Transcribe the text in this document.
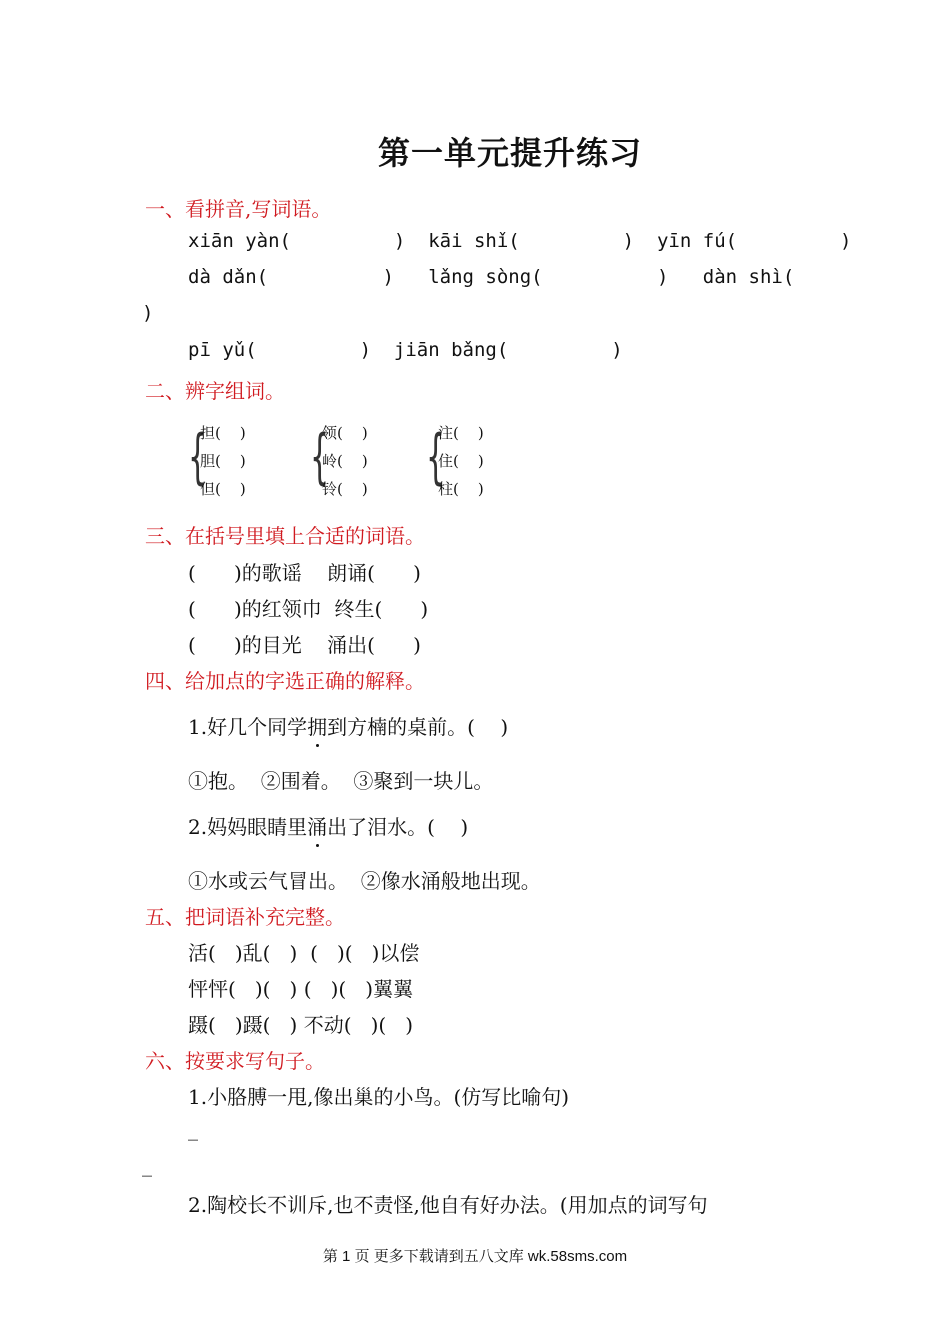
第一单元提升练习
一、看拼音,写词语。
xiān yàn(         )  kāi shǐ(         )  yīn fú(         )
dà dǎn(          )   lǎng sòng(          )   dàn shì(
)
pī yǔ(         )  jiān bǎng(         )
二、辨字组词。
{
担(    )
胆(    )
但(    ) {
领(    )
岭(    )
铃(    ) {
注(    )
住(    )
柱(    )
三、在括号里填上合适的词语。
(      )的歌谣    朗诵(      )
(      )的红领巾  终生(      )
(      )的目光    涌出(      )
四、给加点的字选正确的解释。
1.好几个同学拥
到方楠的桌前。(    )
①抱。  ②围着。  ③聚到一块儿。
2.妈妈眼睛里涌
出了泪水。(    )
①水或云气冒出。  ②像水涌般地出现。
五、把词语补充完整。
活(   )乱(   )  (   )(   )以偿
怦怦(   )(   ) (   )(   )翼翼
蹑(   )蹑(   ) 不动(   )(   )
六、按要求写句子。
1.小胳膊一甩,像出巢的小鸟。(仿写比喻句)
_
_
2.陶校长不训斥,也不责怪,他自有好办法。(用加点的词写句
第 1 页 更多下载请到五八文库 wk.58sms.com
